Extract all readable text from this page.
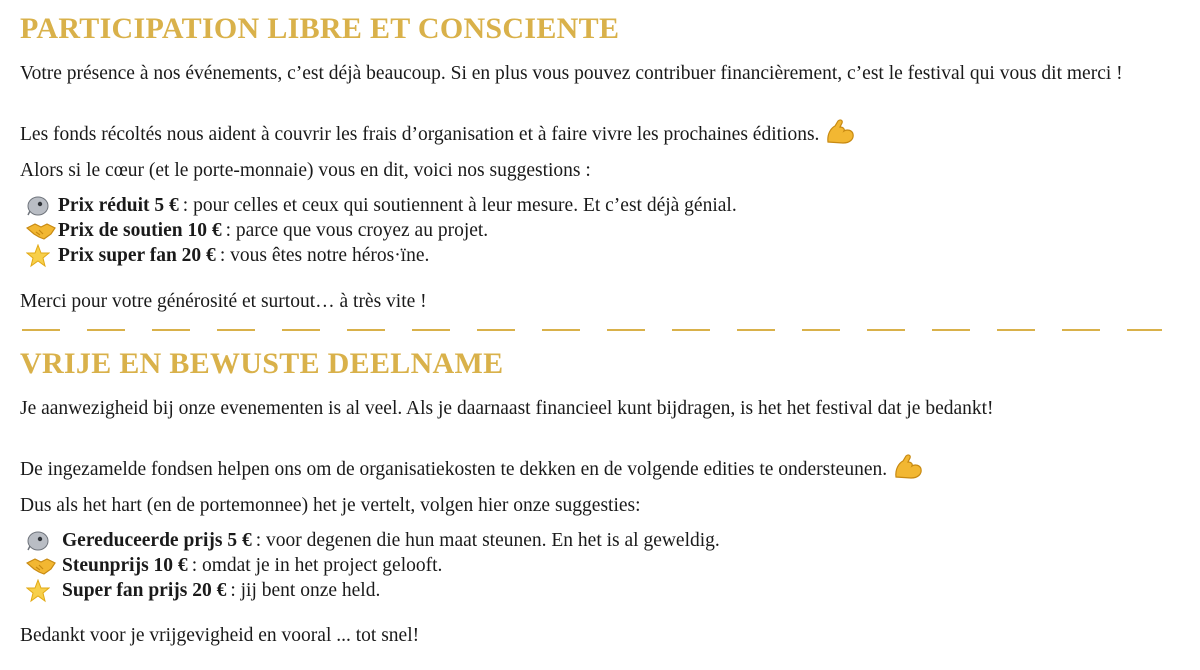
PARTICIPATION LIBRE ET CONSCIENTE

Votre présence à nos événements, c’est déjà beaucoup. Si en plus vous pouvez contribuer financièrement, c’est le festival qui vous dit merci !

Les fonds récoltés nous aident à couvrir les frais d’organisation et à faire vivre les prochaines éditions.

Alors si le cœur (et le porte-monnaie) vous en dit, voici nos suggestions :

Prix réduit 5 € : pour celles et ceux qui soutiennent à leur mesure. Et c’est déjà génial.
Prix de soutien 10 € : parce que vous croyez au projet.
Prix super fan 20 € : vous êtes notre héros·ïne.

Merci pour votre générosité et surtout… à très vite !

VRIJE EN BEWUSTE DEELNAME

Je aanwezigheid bij onze evenementen is al veel. Als je daarnaast financieel kunt bijdragen, is het het festival dat je bedankt!

De ingezamelde fondsen helpen ons om de organisatiekosten te dekken en de volgende edities te ondersteunen.

Dus als het hart (en de portemonnee) het je vertelt, volgen hier onze suggesties:

Gereduceerde prijs 5 € : voor degenen die hun maat steunen. En het is al geweldig.
Steunprijs 10 € : omdat je in het project gelooft.
Super fan prijs 20 € : jij bent onze held.

Bedankt voor je vrijgevigheid en vooral ... tot snel!
